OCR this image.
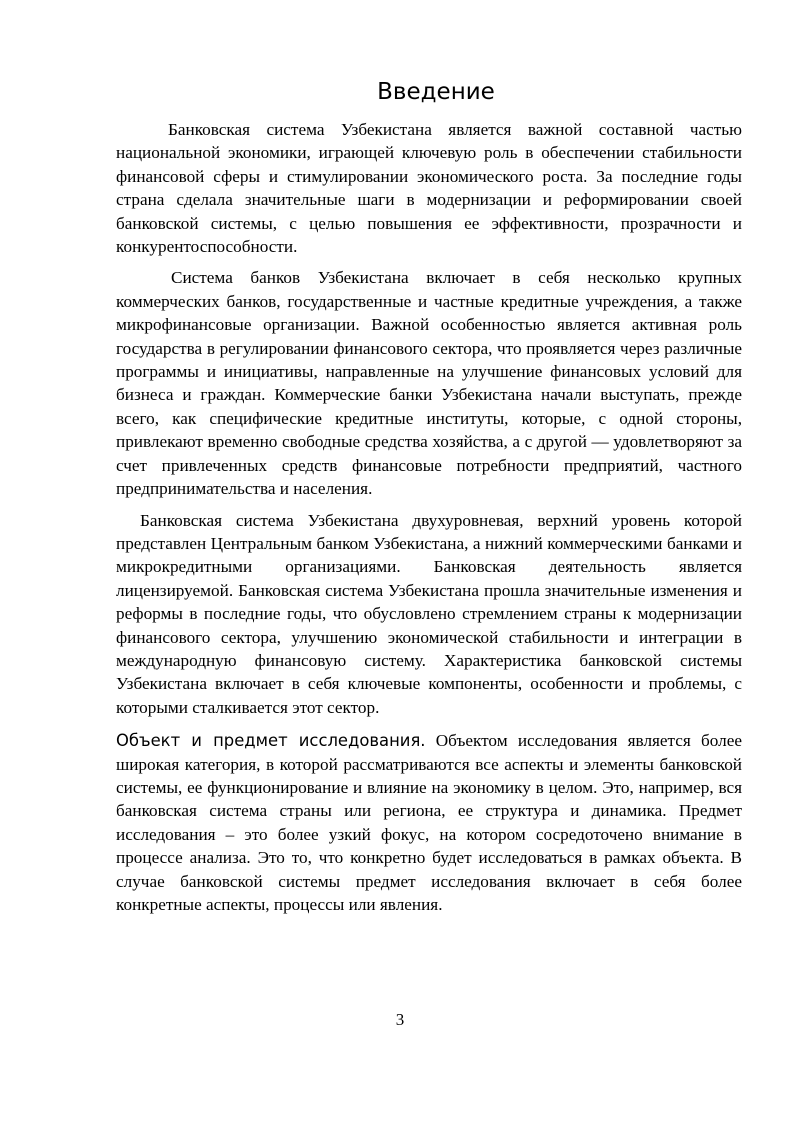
Введение

Банковская система Узбекистана является важной составной частью национальной экономики, играющей ключевую роль в обеспечении стабильности финансовой сферы и стимулировании экономического роста. За последние годы страна сделала значительные шаги в модернизации и реформировании своей банковской системы, с целью повышения ее эффективности, прозрачности и конкурентоспособности.

Система банков Узбекистана включает в себя несколько крупных коммерческих банков, государственные и частные кредитные учреждения, а также микрофинансовые организации. Важной особенностью является активная роль государства в регулировании финансового сектора, что проявляется через различные программы и инициативы, направленные на улучшение финансовых условий для бизнеса и граждан. Коммерческие банки Узбекистана начали выступать, прежде всего, как специфические кредитные институты, которые, с одной стороны, привлекают временно свободные средства хозяйства, а с другой — удовлетворяют за счет привлеченных средств финансовые потребности предприятий, частного предпринимательства и населения.

Банковская система Узбекистана двухуровневая, верхний уровень которой представлен Центральным банком Узбекистана, а нижний коммерческими банками и микрокредитными организациями. Банковская деятельность является лицензируемой. Банковская система Узбекистана прошла значительные изменения и реформы в последние годы, что обусловлено стремлением страны к модернизации финансового сектора, улучшению экономической стабильности и интеграции в международную финансовую систему. Характеристика банковской системы Узбекистана включает в себя ключевые компоненты, особенности и проблемы, с которыми сталкивается этот сектор.

Объект и предмет исследования. Объектом исследования является более широкая категория, в которой рассматриваются все аспекты и элементы банковской системы, ее функционирование и влияние на экономику в целом. Это, например, вся банковская система страны или региона, ее структура и динамика. Предмет исследования – это более узкий фокус, на котором сосредоточено внимание в процессе анализа. Это то, что конкретно будет исследоваться в рамках объекта. В случае банковской системы предмет исследования включает в себя более конкретные аспекты, процессы или явления.

3
